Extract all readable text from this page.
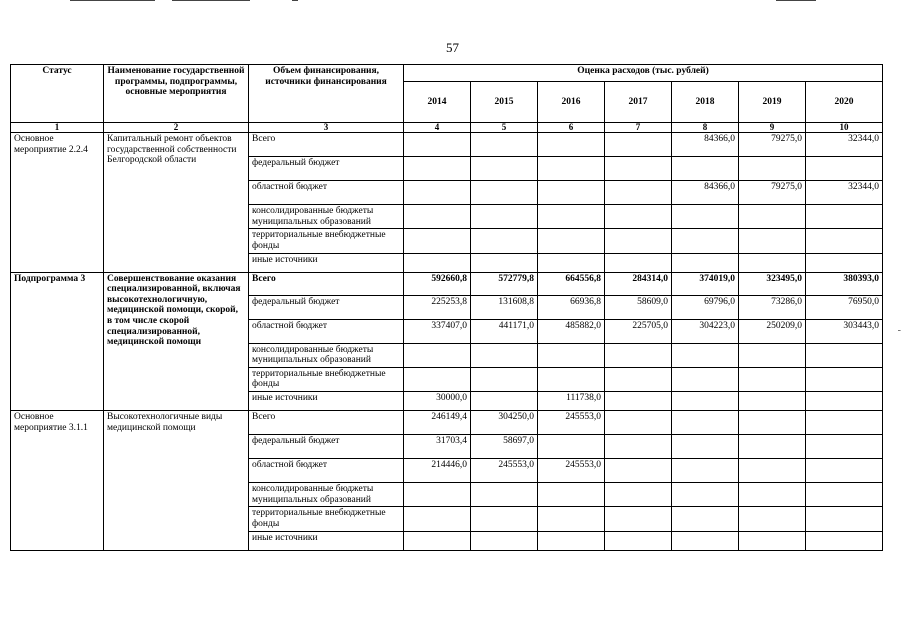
57
Статус	Наименование государственной программы, подпрограммы, основные мероприятия	Объем финансирования, источники финансирования	Оценка расходов (тыс. рублей)						
			2014	2015	2016	2017	2018	2019	2020
1	2	3	4	5	6	7	8	9	10
Основное мероприятие 2.2.4	Капитальный ремонт объектов государственной собственности Белгородской области	Всего					84366,0	79275,0	32344,0
		федеральный бюджет							
		областной бюджет					84366,0	79275,0	32344,0
		консолидированные бюджеты муниципальных образований							
		территориальные внебюджетные фонды							
		иные источники							
Подпрограмма 3	Совершенствование оказания специализированной, включая высокотехнологичную, медицинской помощи, скорой, в том числе скорой специализированной, медицинской помощи	Всего	592660,8	572779,8	664556,8	284314,0	374019,0	323495,0	380393,0
		федеральный бюджет	225253,8	131608,8	66936,8	58609,0	69796,0	73286,0	76950,0
		областной бюджет	337407,0	441171,0	485882,0	225705,0	304223,0	250209,0	303443,0
		консолидированные бюджеты муниципальных образований							
		территориальные внебюджетные фонды							
		иные источники	30000,0		111738,0				
Основное мероприятие 3.1.1	Высокотехнологичные виды медицинской помощи	Всего	246149,4	304250,0	245553,0				
		федеральный бюджет	31703,4	58697,0					
		областной бюджет	214446,0	245553,0	245553,0				
		консолидированные бюджеты муниципальных образований							
		территориальные внебюджетные фонды							
		иные источники							
-
